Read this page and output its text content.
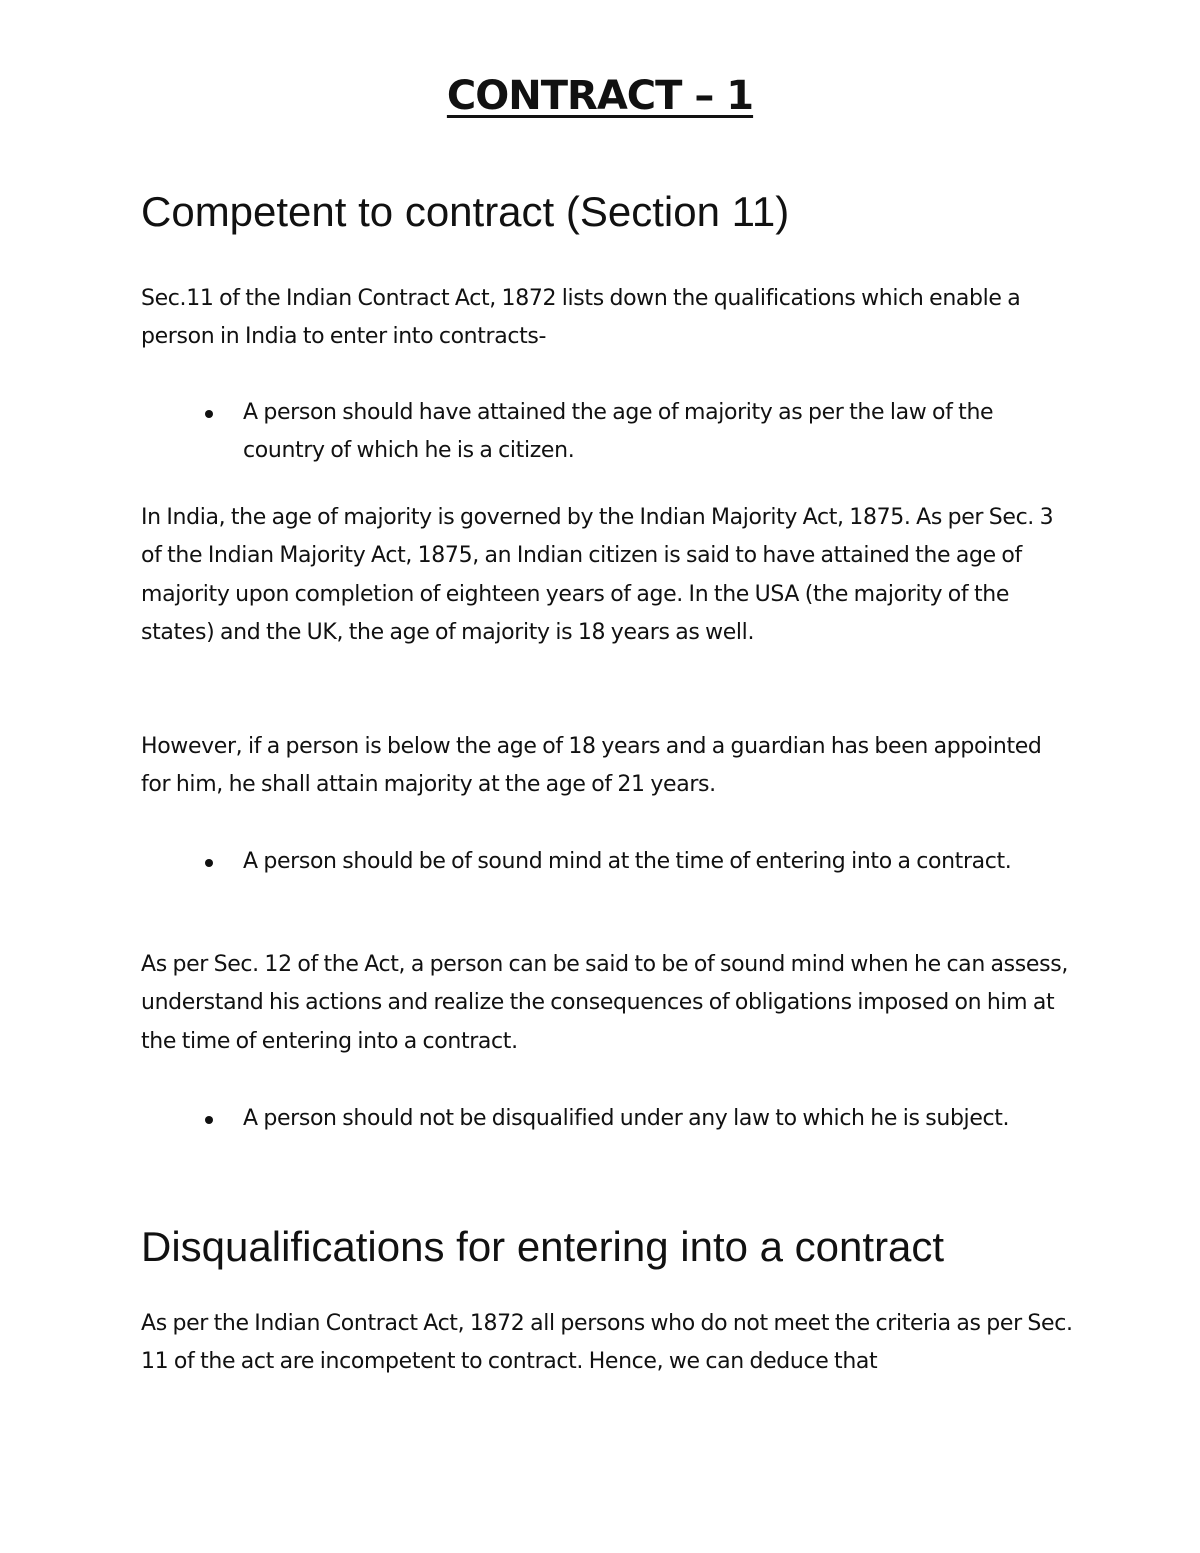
CONTRACT – 1
Competent to contract (Section 11)

Sec.11 of the Indian Contract Act, 1872 lists down the qualifications which enable a person in India to enter into contracts-

A person should have attained the age of majority as per the law of the country of which he is a citizen.

In India, the age of majority is governed by the Indian Majority Act, 1875. As per Sec. 3 of the Indian Majority Act, 1875, an Indian citizen is said to have attained the age of majority upon completion of eighteen years of age. In the USA (the majority of the states) and the UK, the age of majority is 18 years as well.

However, if a person is below the age of 18 years and a guardian has been appointed for him, he shall attain majority at the age of 21 years.

A person should be of sound mind at the time of entering into a contract.

As per Sec. 12 of the Act, a person can be said to be of sound mind when he can assess, understand his actions and realize the consequences of obligations imposed on him at the time of entering into a contract.

A person should not be disqualified under any law to which he is subject.
Disqualifications for entering into a contract

As per the Indian Contract Act, 1872 all persons who do not meet the criteria as per Sec. 11 of the act are incompetent to contract. Hence, we can deduce that
